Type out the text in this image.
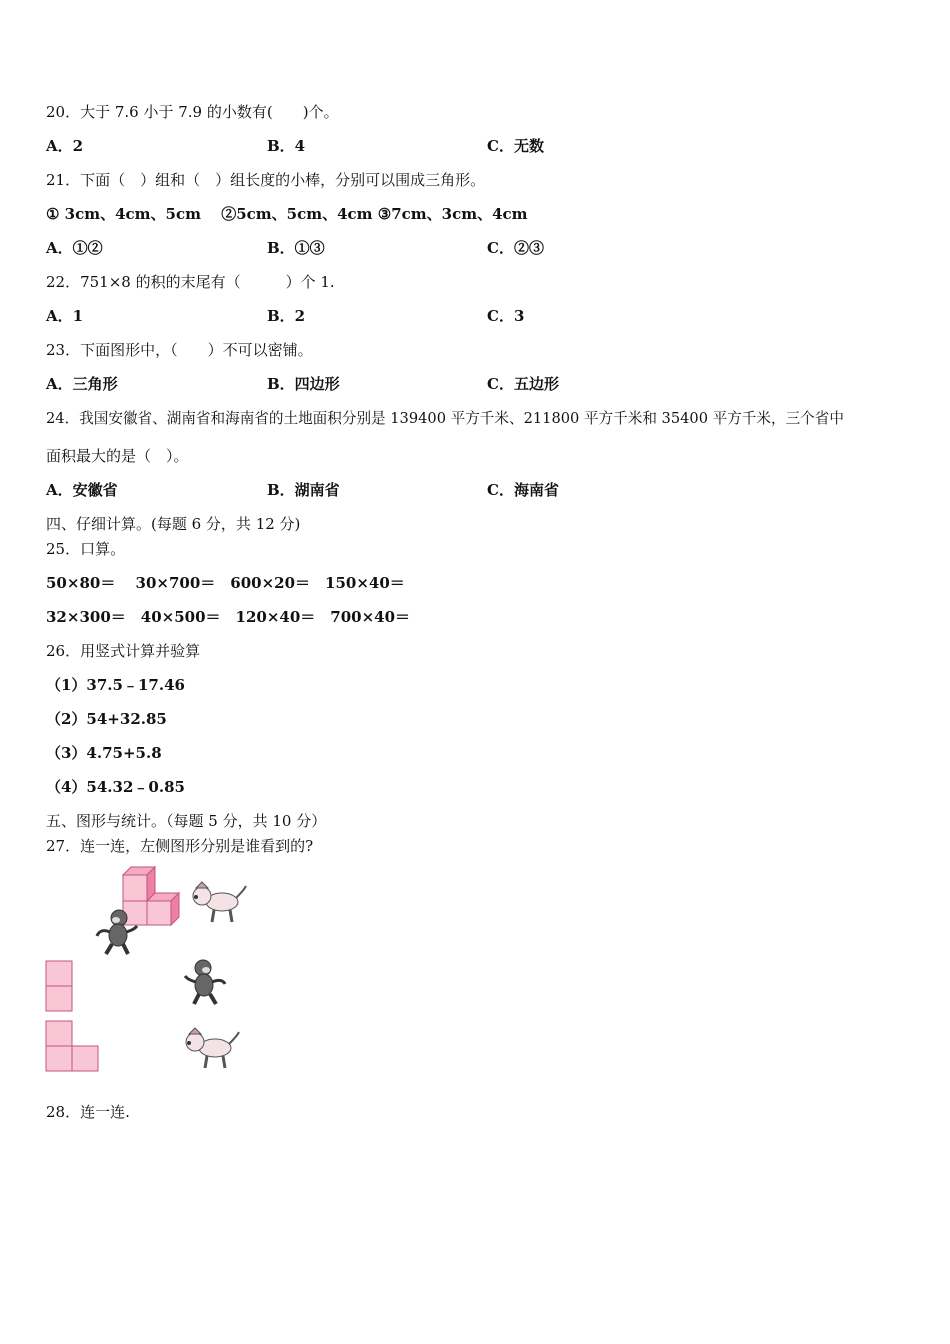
20．大于 7.6 小于 7.9 的小数有(　　)个。
A．2	B．4	C．无数
21．下面（　）组和（　）组长度的小棒，分别可以围成三角形。
① 3cm、4cm、5cm　 ②5cm、5cm、4cm ③7cm、3cm、4cm
A．①②	B．①③	C．②③
22．751×8 的积的末尾有（　　　）个 1.
A．1	B．2	C．3
23．下面图形中，（　　）不可以密铺。
A．三角形	B．四边形	C．五边形
24．我国安徽省、湖南省和海南省的土地面积分别是 139400 平方千米、211800 平方千米和 35400 平方千米，三个省中
面积最大的是（　）。
A．安徽省	B．湖南省	C．海南省
四、仔细计算。(每题 6 分，共 12 分)
25．口算。
50×80＝　 30×700＝　600×20＝　150×40＝
32×300＝　40×500＝　120×40＝　700×40＝
26．用竖式计算并验算
（1）37.5﹣17.46
（2）54+32.85
（3）4.75+5.8
（4）54.32﹣0.85
五、图形与统计。（每题 5 分，共 10 分）
27．连一连，左侧图形分别是谁看到的?
28．连一连.
